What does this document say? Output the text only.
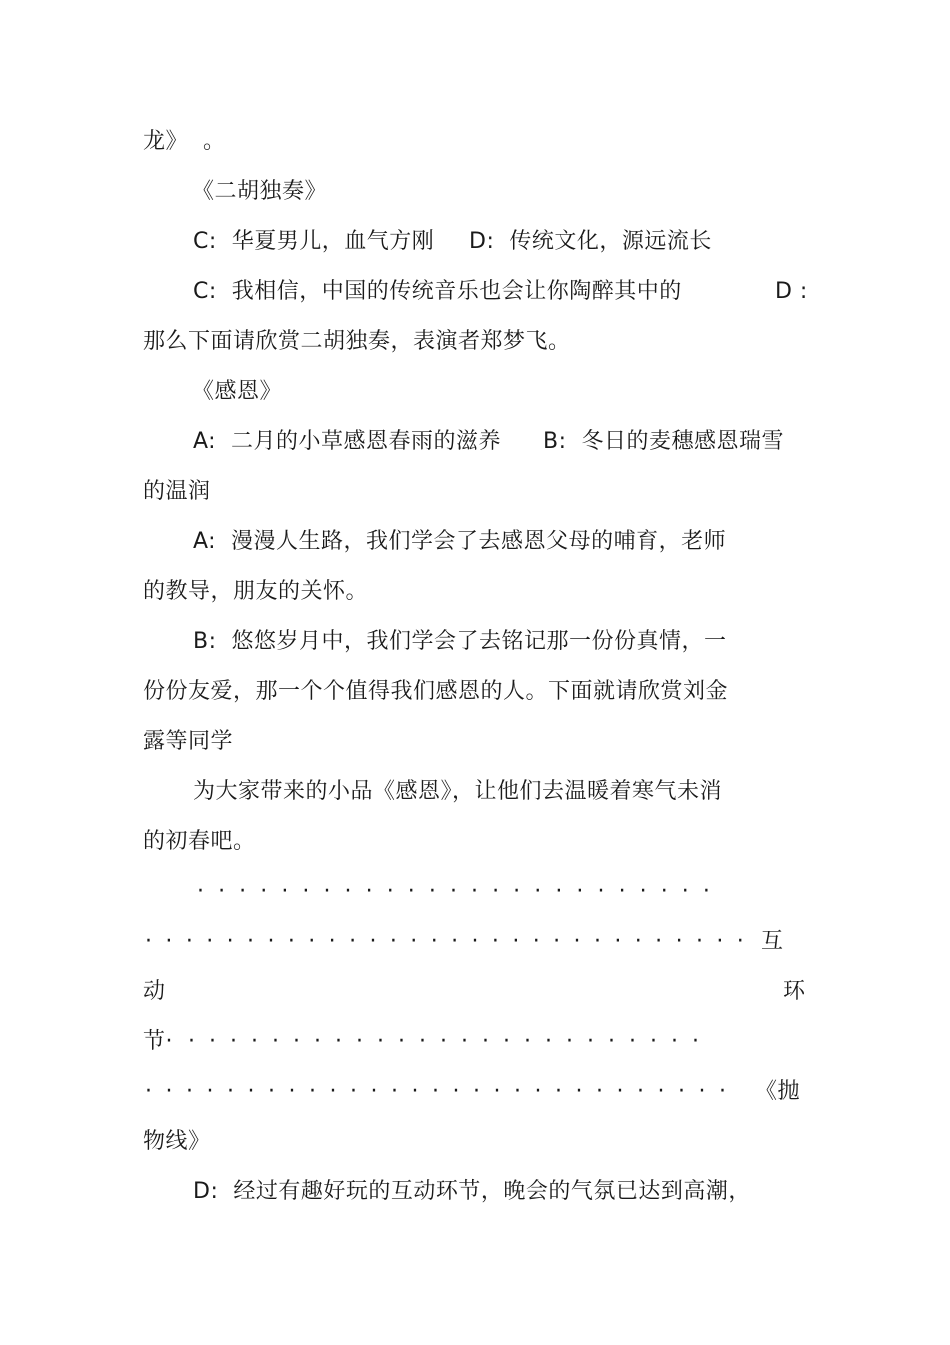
龙》  。
《二胡独奏》
C:  华夏男儿，血气方刚 D:  传统文化，源远流长
C:  我相信，中国的传统音乐也会让你陶醉其中的	D :
那么下面请欣赏二胡独奏，表演者郑梦飞。
《感恩》
A:  二月的小草感恩春雨的滋养 B:  冬日的麦穗感恩瑞雪
的温润
A:  漫漫人生路，我们学会了去感恩父母的哺育，老师
的教导，朋友的关怀。
B:  悠悠岁月中，我们学会了去铭记那一份份真情，一
份份友爱，那一个个值得我们感恩的人。下面就请欣赏刘金
露等同学
为大家带来的小品《感恩》，让他们去温暖着寒气未消
的初春吧。
· · · · · · · · · · · · · · · · · · · · · · · · ·
· · · · · · · · · · · · · · · · · · · · · · · · · · · · · · 互
动	环
节· · · · · · · · · · · · · · · · · · · · · · · · · ·
· · · · · · · · · · · · · · · · · · · · · · · · · · · · · 《抛
物线》
D:  经过有趣好玩的互动环节，晚会的气氛已达到高潮，
